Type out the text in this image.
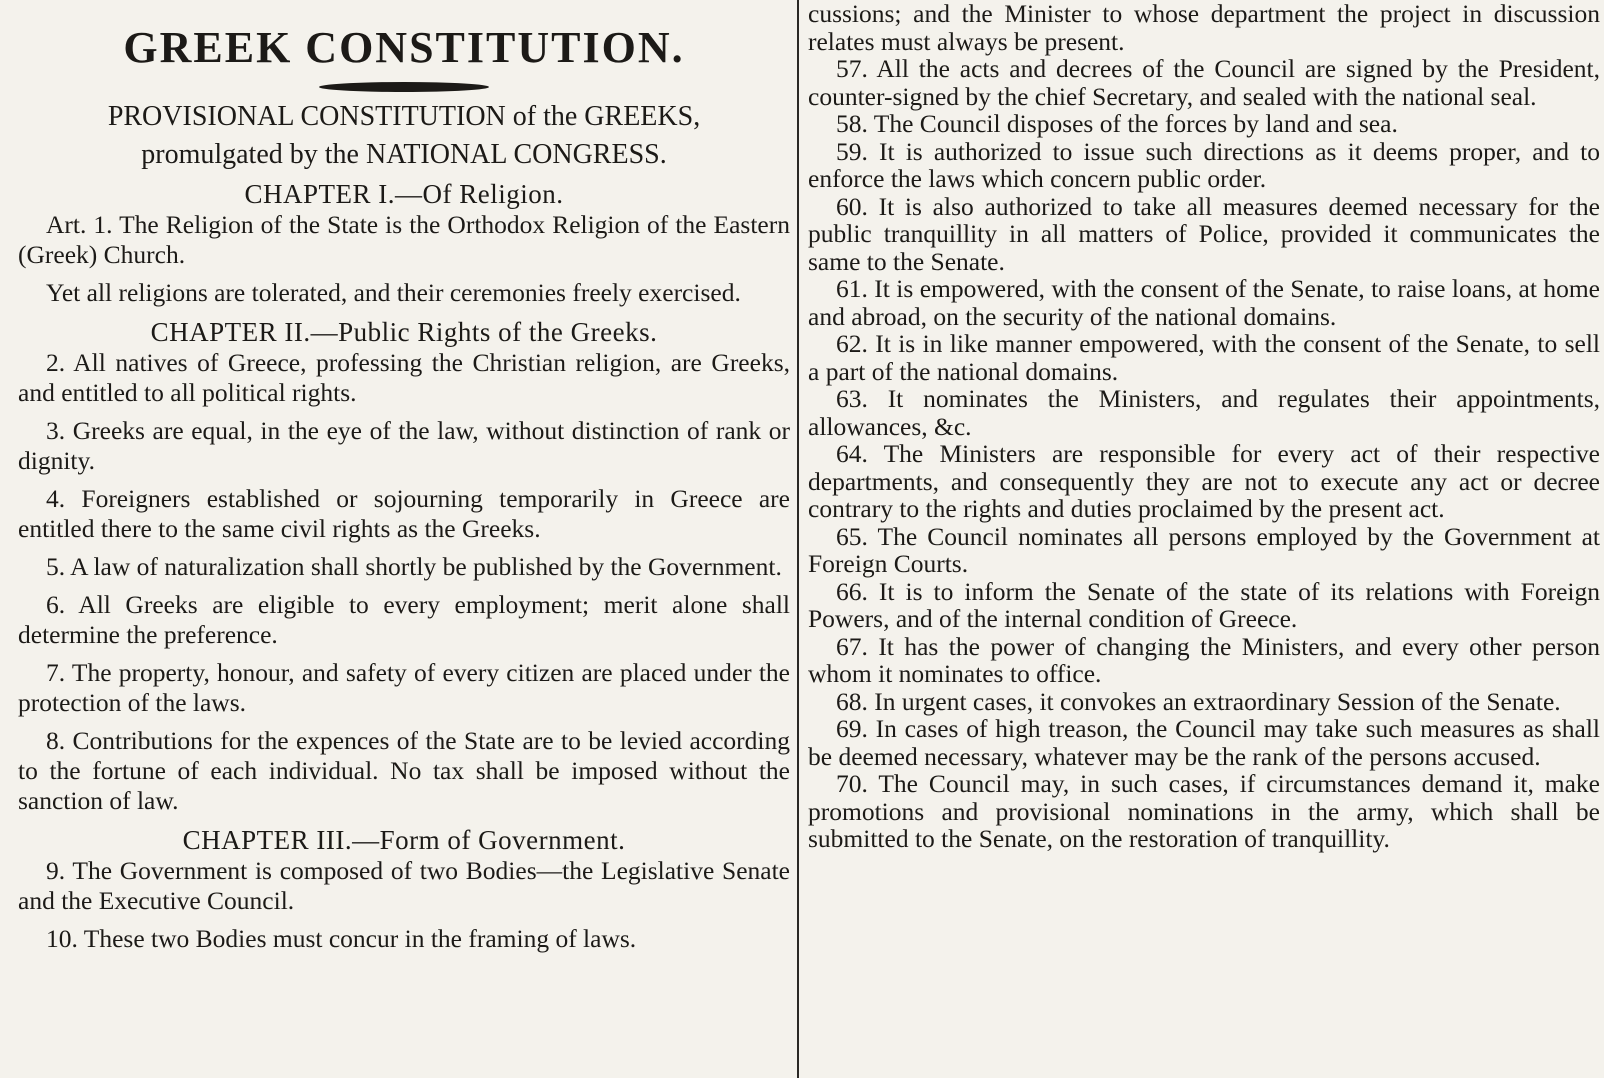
GREEK CONSTITUTION.

PROVISIONAL CONSTITUTION of the GREEKS,

promulgated by the NATIONAL CONGRESS.

CHAPTER I.—Of Religion.

Art. 1. The Religion of the State is the Orthodox Religion of the Eastern (Greek) Church.

Yet all religions are tolerated, and their ceremonies freely exercised.

CHAPTER II.—Public Rights of the Greeks.

2. All natives of Greece, professing the Christian religion, are Greeks, and entitled to all political rights.

3. Greeks are equal, in the eye of the law, without distinction of rank or dignity.

4. Foreigners established or sojourning temporarily in Greece are entitled there to the same civil rights as the Greeks.

5. A law of naturalization shall shortly be published by the Government.

6. All Greeks are eligible to every employment; merit alone shall determine the preference.

7. The property, honour, and safety of every citizen are placed under the protection of the laws.

8. Contributions for the expences of the State are to be levied according to the fortune of each individual. No tax shall be imposed without the sanction of law.

CHAPTER III.—Form of Government.

9. The Government is composed of two Bodies—the Legislative Senate and the Executive Council.

10. These two Bodies must concur in the framing of laws.

cussions; and the Minister to whose department the project in discussion relates must always be present.

57. All the acts and decrees of the Council are signed by the President, counter-signed by the chief Secretary, and sealed with the national seal.

58. The Council disposes of the forces by land and sea.

59. It is authorized to issue such directions as it deems proper, and to enforce the laws which concern public order.

60. It is also authorized to take all measures deemed necessary for the public tranquillity in all matters of Police, provided it communicates the same to the Senate.

61. It is empowered, with the consent of the Senate, to raise loans, at home and abroad, on the security of the national domains.

62. It is in like manner empowered, with the consent of the Senate, to sell a part of the national domains.

63. It nominates the Ministers, and regulates their appointments, allowances, &c.

64. The Ministers are responsible for every act of their respective departments, and consequently they are not to execute any act or decree contrary to the rights and duties proclaimed by the present act.

65. The Council nominates all persons employed by the Government at Foreign Courts.

66. It is to inform the Senate of the state of its relations with Foreign Powers, and of the internal condition of Greece.

67. It has the power of changing the Ministers, and every other person whom it nominates to office.

68. In urgent cases, it convokes an extraordinary Session of the Senate.

69. In cases of high treason, the Council may take such measures as shall be deemed necessary, whatever may be the rank of the persons accused.

70. The Council may, in such cases, if circumstances demand it, make promotions and provisional nominations in the army, which shall be submitted to the Senate, on the restoration of tranquillity.
